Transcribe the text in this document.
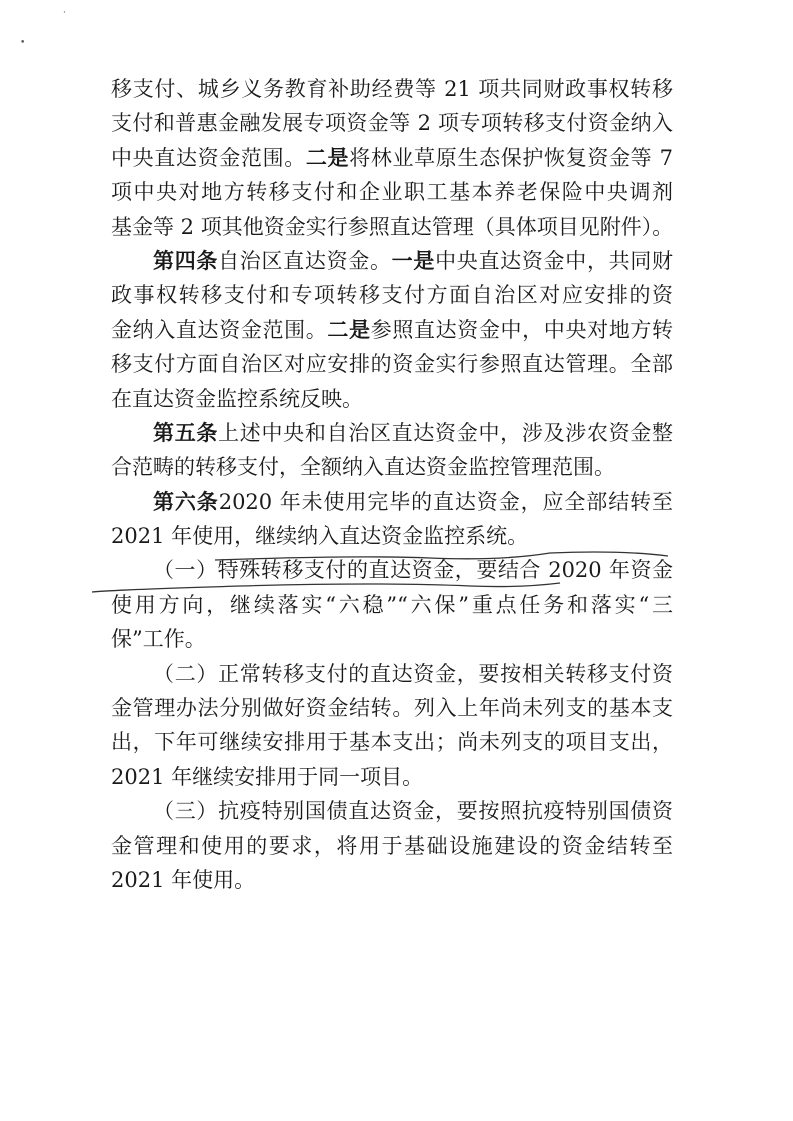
·
•
移支付、城乡义务教育补助经费等 21 项共同财政事权转移
支付和普惠金融发展专项资金等 2 项专项转移支付资金纳入
中央直达资金范围。二是将林业草原生态保护恢复资金等 7
项中央对地方转移支付和企业职工基本养老保险中央调剂
基金等 2 项其他资金实行参照直达管理（具体项目见附件）。
第四条自治区直达资金。一是中央直达资金中，共同财
政事权转移支付和专项转移支付方面自治区对应安排的资
金纳入直达资金范围。二是参照直达资金中，中央对地方转
移支付方面自治区对应安排的资金实行参照直达管理。全部
在直达资金监控系统反映。
第五条上述中央和自治区直达资金中，涉及涉农资金整
合范畴的转移支付，全额纳入直达资金监控管理范围。
第六条2020 年未使用完毕的直达资金，应全部结转至
2021 年使用，继续纳入直达资金监控系统。
（一）特殊转移支付的直达资金，要结合 2020 年资金
使用方向，继续落实“六稳”“六保”重点任务和落实“三
保”工作。
（二）正常转移支付的直达资金，要按相关转移支付资
金管理办法分别做好资金结转。列入上年尚未列支的基本支
出，下年可继续安排用于基本支出；尚未列支的项目支出，
2021 年继续安排用于同一项目。
（三）抗疫特别国债直达资金，要按照抗疫特别国债资
金管理和使用的要求，将用于基础设施建设的资金结转至
2021 年使用。
